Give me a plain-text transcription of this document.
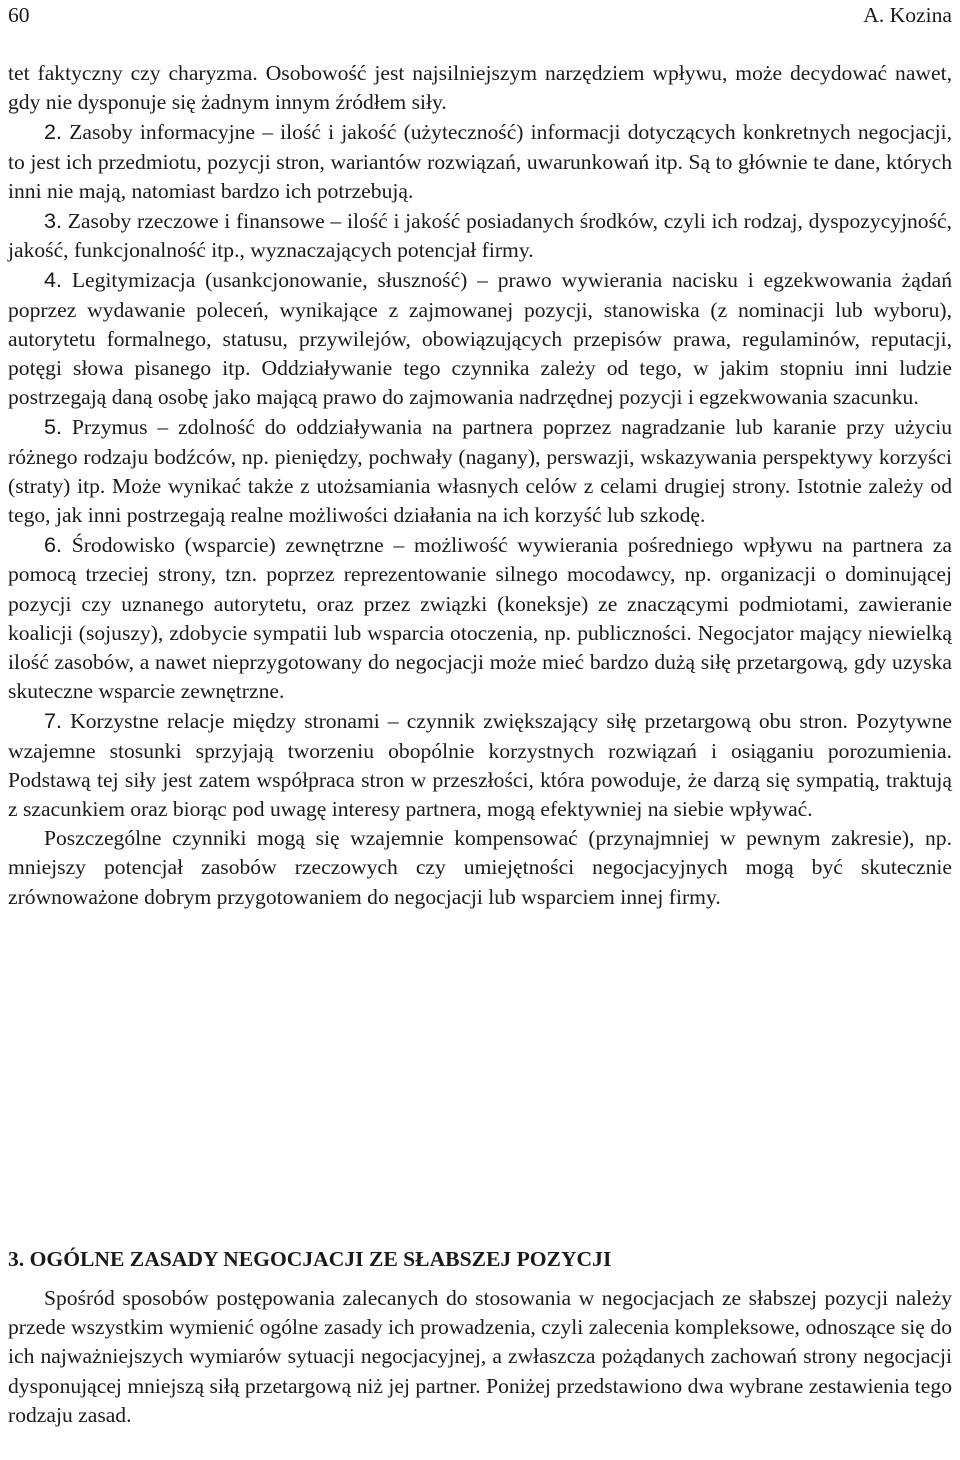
60	A. Kozina

tet faktyczny czy charyzma. Osobowość jest najsilniejszym narzędziem wpływu, może decydować nawet, gdy nie dysponuje się żadnym innym źródłem siły.

2. Zasoby informacyjne – ilość i jakość (użyteczność) informacji dotyczących konkretnych negocjacji, to jest ich przedmiotu, pozycji stron, wariantów rozwiązań, uwarunkowań itp. Są to głównie te dane, których inni nie mają, natomiast bardzo ich potrzebują.

3. Zasoby rzeczowe i finansowe – ilość i jakość posiadanych środków, czyli ich rodzaj, dyspozycyjność, jakość, funkcjonalność itp., wyznaczających potencjał firmy.

4. Legitymizacja (usankcjonowanie, słuszność) – prawo wywierania nacisku i egzekwowania żądań poprzez wydawanie poleceń, wynikające z zajmowanej pozycji, stanowiska (z nominacji lub wyboru), autorytetu formalnego, statusu, przywilejów, obowiązujących przepisów prawa, regulaminów, reputacji, potęgi słowa pisanego itp. Oddziaływanie tego czynnika zależy od tego, w jakim stopniu inni ludzie postrzegają daną osobę jako mającą prawo do zajmowania nadrzędnej pozycji i egzekwowania szacunku.

5. Przymus – zdolność do oddziaływania na partnera poprzez nagradzanie lub karanie przy użyciu różnego rodzaju bodźców, np. pieniędzy, pochwały (nagany), perswazji, wskazywania perspektywy korzyści (straty) itp. Może wynikać także z utożsamiania własnych celów z celami drugiej strony. Istotnie zależy od tego, jak inni postrzegają realne możliwości działania na ich korzyść lub szkodę.

6. Środowisko (wsparcie) zewnętrzne – możliwość wywierania pośredniego wpływu na partnera za pomocą trzeciej strony, tzn. poprzez reprezentowanie silnego mocodawcy, np. organizacji o dominującej pozycji czy uznanego autorytetu, oraz przez związki (koneksje) ze znaczącymi podmiotami, zawieranie koalicji (sojuszy), zdobycie sympatii lub wsparcia otoczenia, np. publiczności. Negocjator mający niewielką ilość zasobów, a nawet nieprzygotowany do negocjacji może mieć bardzo dużą siłę przetargową, gdy uzyska skuteczne wsparcie zewnętrzne.

7. Korzystne relacje między stronami – czynnik zwiększający siłę przetargową obu stron. Pozytywne wzajemne stosunki sprzyjają tworzeniu obopólnie korzystnych rozwiązań i osiąganiu porozumienia. Podstawą tej siły jest zatem współpraca stron w przeszłości, która powoduje, że darzą się sympatią, traktują z szacunkiem oraz biorąc pod uwagę interesy partnera, mogą efektywniej na siebie wpływać.

Poszczególne czynniki mogą się wzajemnie kompensować (przynajmniej w pewnym zakresie), np. mniejszy potencjał zasobów rzeczowych czy umiejętności negocjacyjnych mogą być skutecznie zrównoważone dobrym przygotowaniem do negocjacji lub wsparciem innej firmy.

3. OGÓLNE ZASADY NEGOCJACJI ZE SŁABSZEJ POZYCJI

Spośród sposobów postępowania zalecanych do stosowania w negocjacjach ze słabszej pozycji należy przede wszystkim wymienić ogólne zasady ich prowadzenia, czyli zalecenia kompleksowe, odnoszące się do ich najważniejszych wymiarów sytuacji negocjacyjnej, a zwłaszcza pożądanych zachowań strony negocjacji dysponującej mniejszą siłą przetargową niż jej partner. Poniżej przedstawiono dwa wybrane zestawienia tego rodzaju zasad.
